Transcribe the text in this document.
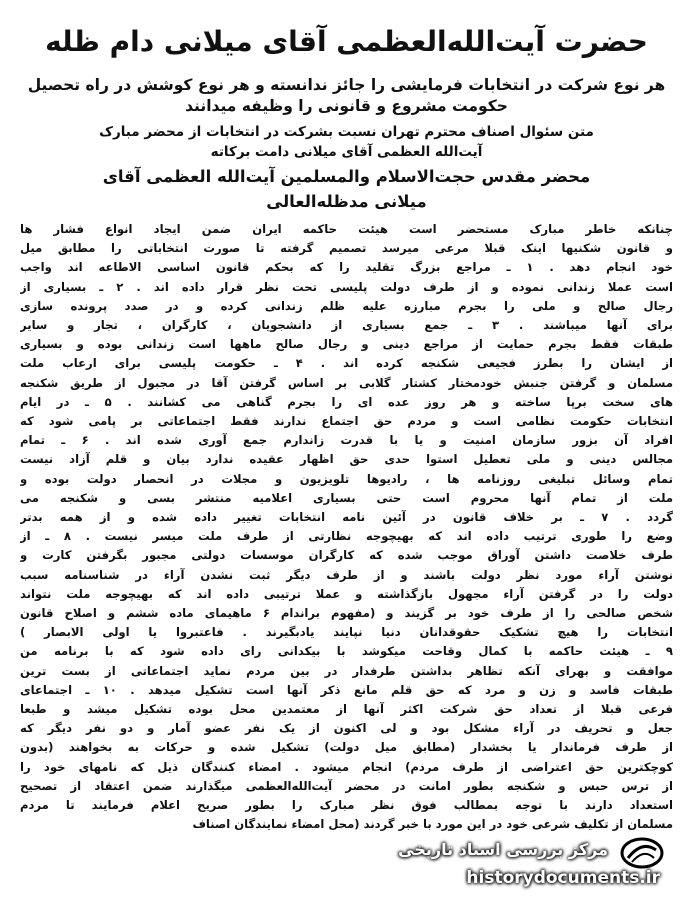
حضرت آیت‌الله‌العظمی آقای میلانی دام ظله
هر نوع شرکت در انتخابات فرمایشی را جائز ندانسته و هر نوع کوشش در راه تحصیل
حکومت مشروع و قانونی را وظیفه میدانند
متن سئوال اصناف محترم تهران نسبت بشرکت در انتخابات از محضر مبارک
آیت‌الله العظمی آقای میلانی دامت برکاته
محضر مقدس حجت‌الاسلام والمسلمین آیت‌الله العظمی آقای
میلانی مدظله‌العالی
چنانکه خاطر مبارک مستحضر است هیئت حاکمه ایران ضمن ایجاد انواع فشار ها
و قانون شکنیها اینک قبلا مرعی میرسد تصمیم گرفته تا صورت انتخاباتی را مطابق میل
خود انجام دهد . ۱ ـ مراجع بزرگ تقلید را که بحکم قانون اساسی الاطاعه اند واجب
است عملا زندانی نموده و از طرف دولت پلیسی تحت نظر قرار داده اند . ۲ ـ بسیاری از
رجال صالح و ملی را بجرم مبارزه علیه ظلم زندانی کرده و در صدد پرونده سازی
برای آنها میباشند . ۳ ـ جمع بسیاری از دانشجویان ، کارگران ، تجار و سایر
طبقات فقط بجرم حمایت از مراجع دینی و رجال صالح ماهها است زندانی بوده و بسیاری
از ایشان را بطرز فجیعی شکنجه کرده اند . ۴ ـ حکومت پلیسی برای ارعاب ملت
مسلمان و گرفتن جنبش خودمختار کشتار گلابی بر اساس گرفتن آقا در مجبول از طریق شکنجه
های سخت برپا ساخته و هر روز عده ای را بجرم گناهی می کشانند . ۵ ـ در ایام
انتخابات حکومت نظامی است و مردم حق اجتماع ندارند فقط اجتماعاتی بر پامی شود که
افراد آن بزور سازمان امنیت و یا با قدرت زاندارم جمع آوری شده اند . ۶ ـ تمام
مجالس دینی و ملی تعطیل استوا حدی حق اظهار عقیده ندارد بیان و قلم آزاد نیست
تمام وسائل تبلیغی روزنامه ها ، رادیوها تلویزیون و مجلات در انحصار دولت بوده و
ملت از تمام آنها محروم است حتی بسیاری اعلامیه منتشر بسی و شکنجه می
گردد . ۷ ـ بر خلاف قانون در آئین نامه انتخابات تغییر داده شده و از همه بدتر
وضع را طوری ترتیب داده اند که بهیچوجه نظارتی از طرف ملت میسر نیست . ۸ ـ از
طرف خلاصت داشتن آوراق موجب شده که کارگران موسسات دولتی مجبور بگرفتن کارت و
نوشتن آراء مورد نظر دولت باشند و از طرف دیگر ثبت نشدن آراء در شناسنامه سبب
دولت را در گرفتن آراء مجهول بازگذاشته و عملا ترتیبی داده اند که بهیچوجه ملت نتواند
شخص صالحی را از طرف خود بر گزیند و (مفهوم براندام ۶ ماهیمای ماده ششم و اصلاح قانون
انتخابات را هیچ تشکیک حقوقدانان دنیا نپایند یادبگیرند . فاعتبروا یا اولی الابصار )
۹ ـ هیئت حاکمه با کمال وقاحت میکوشد با بیکدانی رای داده شود که با برنامه من
موافقت و بهرای آنکه تظاهر بداشتن طرفدار در بین مردم نماید اجتماعاتی از بست ترین
طبقات فاسد و زن و مرد که حق قلم مانع ذکر آنها است تشکیل میدهد . ۱۰ ـ اجتماعای
فرعی قبلا از تعداد حق شرکت اکثر آنها از معتمدین محل بوده تشکیل میشد و طبعا
جعل و تحریف در آراء مشکل بود و لی اکنون از یک نفر عضو آمار و دو نفر دیگر که
از طرف فرماندار یا بخشدار (مطابق میل دولت) تشکیل شده و حرکات به بخواهند (بدون
کوچکترین حق اعتراضی از طرف مردم) انجام میشود . امضاء کنندگان ذیل که نامهای خود را
از ترس حبس و شکنجه بطور امانت در محضر آیت‌الله‌العظمی میگذارند ضمن اعتقاد از تصحیح
استعداد دارند با توجه بمطالب فوق نظر مبارک را بطور صریح اعلام فرمایند تا مردم
مسلمان از تکلیف شرعی خود در این مورد با خبر گردند (محل امضاء نمایندگان اصناف
مرکز بررسی اسناد تاریخی
historydocuments.ir
